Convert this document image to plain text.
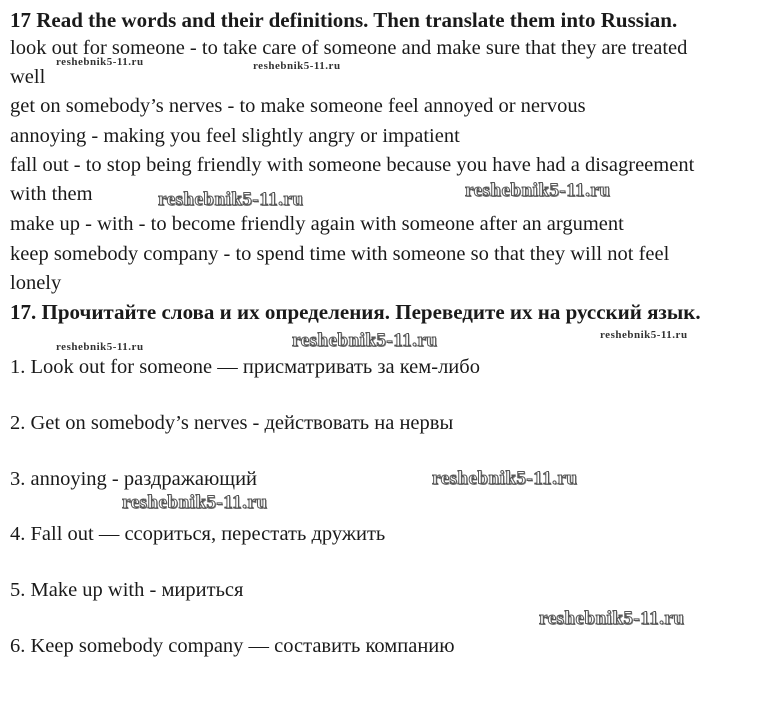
17 Read the words and their definitions. Then translate them into Russian.
look out for someone - to take care of someone and make sure that they are treated
well
get on somebody’s nerves - to make someone feel annoyed or nervous
annoying - making you feel slightly angry or impatient
fall out - to stop being friendly with someone because you have had a disagreement
with them
make up - with - to become friendly again with someone after an argument
keep somebody company - to spend time with someone so that they will not feel
lonely
17. Прочитайте слова и их определения. Переведите их на русский язык.
1. Look out for someone — присматривать за кем-либо
2. Get on somebody’s nerves - действовать на нервы
3. annoying - раздражающий
4. Fall out — ссориться, перестать дружить
5. Make up with - мириться
6. Keep somebody company — составить компанию
reshebnik5-11.ru	reshebnik5-11.ru
reshebnik5-11.ru	reshebnik5-11.ru
reshebnik5-11.ru
reshebnik5-11.ru
reshebnik5-11.ru
reshebnik5-11.ru
reshebnik5-11.ru
reshebnik5-11.ru
